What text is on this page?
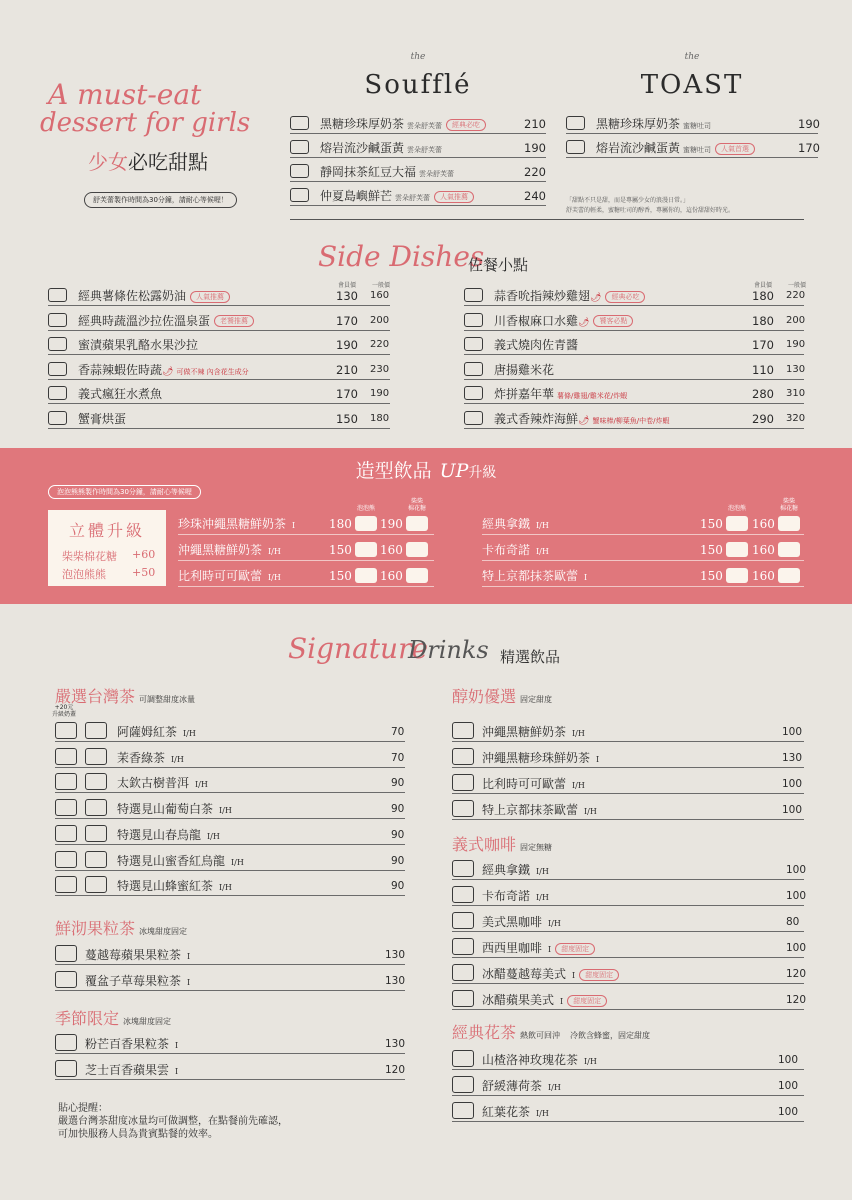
A must-eat
dessert for girls
少女必吃甜點
舒芙蕾製作時間為30分鐘，請耐心等候喔！
the
Soufflé
黑糖珍珠厚奶茶 雲朵舒芙蕾 經典必吃	210
熔岩流沙鹹蛋黃 雲朵舒芙蕾	190
靜岡抹茶紅豆大福 雲朵舒芙蕾	220
仲夏島嶼鮮芒 雲朵舒芙蕾 人氣推薦	240
the
TOAST
黑糖珍珠厚奶茶 蜜糖吐司	190
熔岩流沙鹹蛋黃 蜜糖吐司 人氣首選	170
「甜點不只是甜，而是專屬少女的浪漫日常。」
舒芙蕾的輕柔，蜜糖吐司的醇香，專屬你的，這份甜甜好時光。
Side Dishes
佐餐小點
會員價	一般價
經典薯條佐松露奶油 人氣推薦	130 160
經典時蔬溫沙拉佐溫泉蛋 老饕推薦	170 200
蜜漬蘋果乳酪水果沙拉	190 220
香蒜辣蝦佐時蔬🌶 可做不辣 內含花生成分	210 230
義式瘋狂水煮魚	170 190
蟹膏烘蛋	150 180
會員價	一般價
蒜香吮指辣炒雞翅🌶 經典必吃	180 220
川香椒麻口水雞🌶 饕客必點	180 200
義式燒肉佐青醬	170 190
唐揚雞米花	110 130
炸拼嘉年華 薯條/雞翅/雞米花/炸蝦	280 310
義式香辣炸海鮮🌶 蟹味棒/柳葉魚/中卷/炸蝦	290 320
造型飲品 UP升級
泡泡熊熊製作時間為30分鐘，請耐心等候喔
立體升級
柴柴棉花糖 +60
泡泡熊熊 +50
泡泡熊
柴柴
棉花糖
珍珠沖繩黑糖鮮奶茶 I	180 190
沖繩黑糖鮮奶茶 I/H	150 160
比利時可可歐蕾 I/H	150 160
泡泡熊
柴柴
棉花糖
經典拿鐵 I/H	150 160
卡布奇諾 I/H	150 160
特上京都抹茶歐蕾 I	150 160
Signature
Drinks 精選飲品
嚴選台灣茶 可調整甜度冰量
+20元
升級奶蓋
阿薩姆紅茶 I/H	70
茉香綠茶 I/H	70
太欽古樹普洱 I/H	90
特選見山葡萄白茶 I/H	90
特選見山春烏龍 I/H	90
特選見山蜜香紅烏龍 I/H	90
特選見山蜂蜜紅茶 I/H	90
鮮沏果粒茶 冰塊甜度固定
蔓越莓蘋果果粒茶 I	130
覆盆子草莓果粒茶 I	130
季節限定 冰塊甜度固定
粉芒百香果粒茶 I	130
芝士百香蘋果雲 I	120
貼心提醒：
嚴選台灣茶甜度冰量均可做調整，在點餐前先確認，
可加快服務人員為貴賓點餐的效率。
醇奶優選 固定甜度
沖繩黑糖鮮奶茶 I/H	100
沖繩黑糖珍珠鮮奶茶 I	130
比利時可可歐蕾 I/H	100
特上京都抹茶歐蕾 I/H	100
義式咖啡 固定無糖
經典拿鐵 I/H	100
卡布奇諾 I/H	100
美式黑咖啡 I/H	80
西西里咖啡 I 甜度固定	100
冰醋蔓越莓美式 I 甜度固定	120
冰醋蘋果美式 I 甜度固定	120
經典花茶 熱飲可回沖 冷飲含蜂蜜，固定甜度
山楂洛神玫瑰花茶 I/H	100
舒緩薄荷茶 I/H	100
紅葉花茶 I/H	100
